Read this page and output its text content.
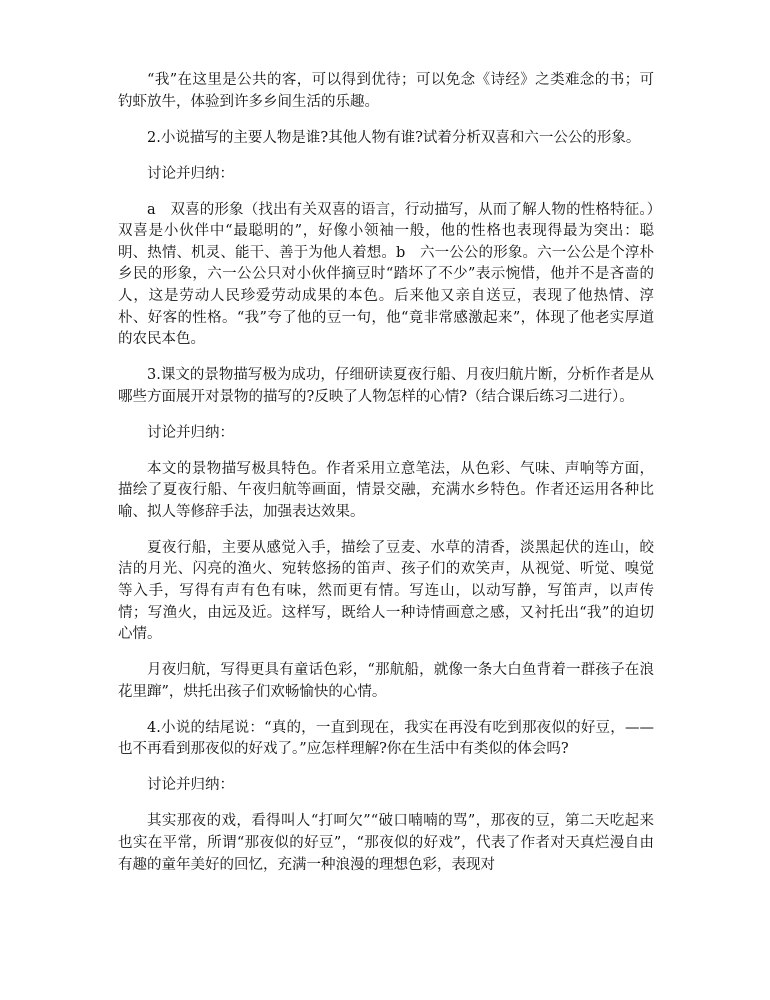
“我”在这里是公共的客，可以得到优待；可以免念《诗经》之类难念的书；可钓虾放牛，体验到许多乡间生活的乐趣。

2.小说描写的主要人物是谁?其他人物有谁?试着分析双喜和六一公公的形象。

讨论并归纳：

a　双喜的形象（找出有关双喜的语言，行动描写，从而了解人物的性格特征。）双喜是小伙伴中“最聪明的”，好像小领袖一般，他的性格也表现得最为突出：聪明、热情、机灵、能干、善于为他人着想。b　六一公公的形象。六一公公是个淳朴乡民的形象，六一公公只对小伙伴摘豆时“踏坏了不少”表示惋惜，他并不是吝啬的人，这是劳动人民珍爱劳动成果的本色。后来他又亲自送豆，表现了他热情、淳朴、好客的性格。“我”夸了他的豆一句，他“竟非常感激起来”，体现了他老实厚道的农民本色。

3.课文的景物描写极为成功，仔细研读夏夜行船、月夜归航片断，分析作者是从哪些方面展开对景物的描写的?反映了人物怎样的心情?（结合课后练习二进行）。

讨论并归纳：

本文的景物描写极具特色。作者采用立意笔法，从色彩、气味、声响等方面，描绘了夏夜行船、午夜归航等画面，情景交融，充满水乡特色。作者还运用各种比喻、拟人等修辞手法，加强表达效果。

夏夜行船，主要从感觉入手，描绘了豆麦、水草的清香，淡黑起伏的连山，皎洁的月光、闪亮的渔火、宛转悠扬的笛声、孩子们的欢笑声，从视觉、听觉、嗅觉等入手，写得有声有色有味，然而更有情。写连山，以动写静，写笛声，以声传情；写渔火，由远及近。这样写，既给人一种诗情画意之感，又衬托出“我”的迫切心情。

月夜归航，写得更具有童话色彩，“那航船，就像一条大白鱼背着一群孩子在浪花里蹿”，烘托出孩子们欢畅愉快的心情。

4.小说的结尾说：“真的，一直到现在，我实在再没有吃到那夜似的好豆，——也不再看到那夜似的好戏了。”应怎样理解?你在生活中有类似的体会吗?

讨论并归纳：

其实那夜的戏，看得叫人“打呵欠”“破口喃喃的骂”，那夜的豆，第二天吃起来也实在平常，所谓“那夜似的好豆”，“那夜似的好戏”，代表了作者对天真烂漫自由有趣的童年美好的回忆，充满一种浪漫的理想色彩，表现对
